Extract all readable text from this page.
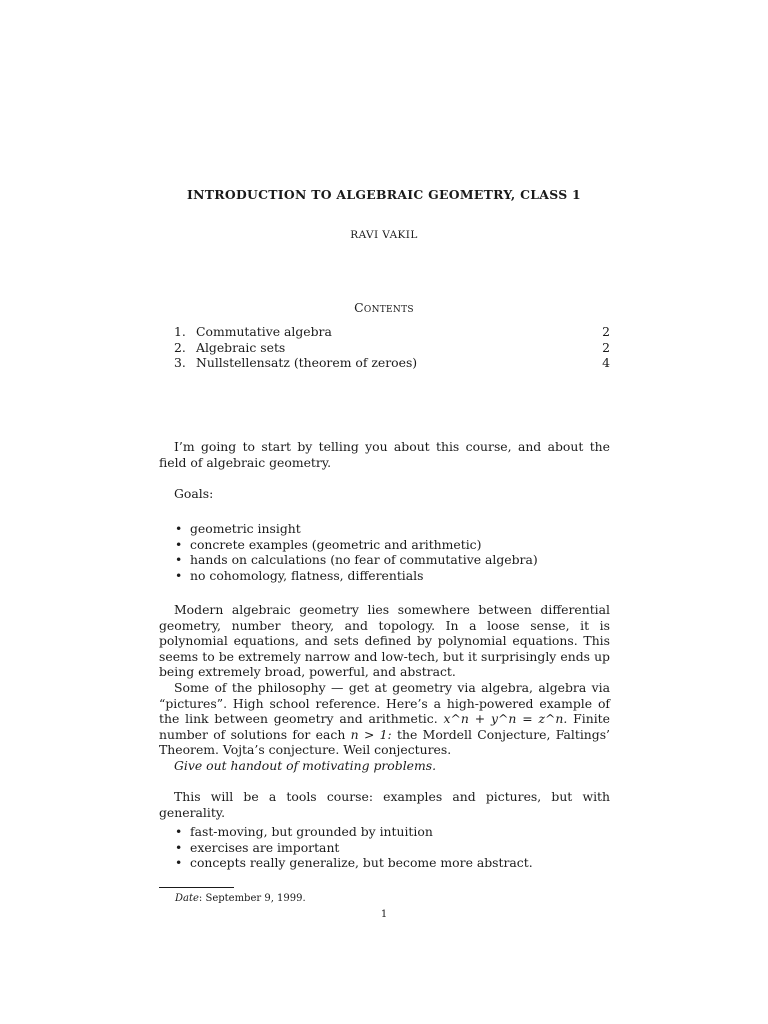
INTRODUCTION TO ALGEBRAIC GEOMETRY, CLASS 1
RAVI VAKIL
Contents
1. Commutative algebra	2
2. Algebraic sets	2
3. Nullstellensatz (theorem of zeroes)	4

I’m going to start by telling you about this course, and about the field of algebraic geometry.

Goals:

• geometric insight
• concrete examples (geometric and arithmetic)
• hands on calculations (no fear of commutative algebra)
• no cohomology, flatness, differentials

Modern algebraic geometry lies somewhere between differential geometry, number theory, and topology. In a loose sense, it is polynomial equations, and sets defined by polynomial equations. This seems to be extremely narrow and low-tech, but it surprisingly ends up being extremely broad, powerful, and abstract.

Some of the philosophy — get at geometry via algebra, algebra via “pictures”. High school reference. Here’s a high-powered example of the link between geometry and arithmetic. x^n + y^n = z^n. Finite number of solutions for each n > 1: the Mordell Conjecture, Faltings’ Theorem. Vojta’s conjecture. Weil conjectures.

Give out handout of motivating problems.

This will be a tools course: examples and pictures, but with generality.

• fast-moving, but grounded by intuition
• exercises are important
• concepts really generalize, but become more abstract.
Date: September 9, 1999.
1
